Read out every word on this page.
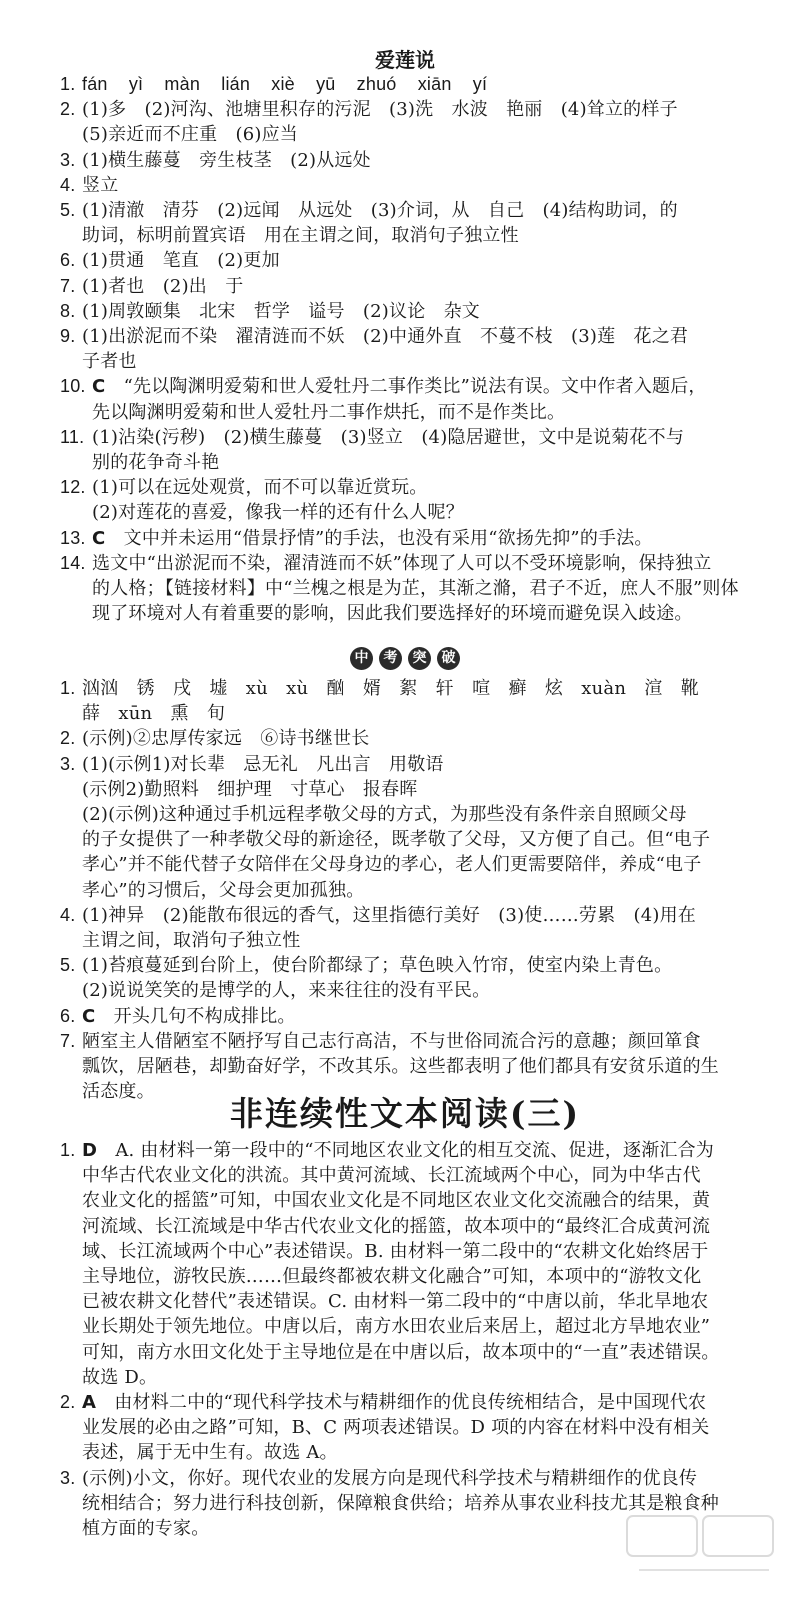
爱莲说
1. fán yì màn lián xiè yū zhuó xiān yí
2. (1)多　(2)河沟、池塘里积存的污泥　(3)洗　水波　艳丽　(4)耸立的样子
(5)亲近而不庄重　(6)应当
3. (1)横生藤蔓　旁生枝茎　(2)从远处
4. 竖立
5. (1)清澈　清芬　(2)远闻　从远处　(3)介词，从　自己　(4)结构助词，的
助词，标明前置宾语　用在主谓之间，取消句子独立性
6. (1)贯通　笔直　(2)更加
7. (1)者也　(2)出　于
8. (1)周敦颐集　北宋　哲学　谥号　(2)议论　杂文
9. (1)出淤泥而不染　濯清涟而不妖　(2)中通外直　不蔓不枝　(3)莲　花之君
子者也
10. C  “先以陶渊明爱菊和世人爱牡丹二事作类比”说法有误。文中作者入题后，
先以陶渊明爱菊和世人爱牡丹二事作烘托，而不是作类比。
11. (1)沾染(污秽)　(2)横生藤蔓　(3)竖立　(4)隐居避世，文中是说菊花不与
别的花争奇斗艳
12. (1)可以在远处观赏，而不可以靠近赏玩。
(2)对莲花的喜爱，像我一样的还有什么人呢？
13. C  文中并未运用“借景抒情”的手法，也没有采用“欲扬先抑”的手法。
14. 选文中“出淤泥而不染，濯清涟而不妖”体现了人可以不受环境影响，保持独立
的人格；【链接材料】中“兰槐之根是为芷，其渐之滫，君子不近，庶人不服”则体
现了环境对人有着重要的影响，因此我们要选择好的环境而避免误入歧途。
中	考	突	破
1. 汹汹　锈　戌　墟　xù　xù　酗　婿　絮　轩　喧　癣　炫　xuàn　渲　靴
薛　xūn　熏　旬
2. (示例)②忠厚传家远　⑥诗书继世长
3. (1)(示例1)对长辈　忌无礼　凡出言　用敬语
(示例2)勤照料　细护理　寸草心　报春晖
(2)(示例)这种通过手机远程孝敬父母的方式，为那些没有条件亲自照顾父母
的子女提供了一种孝敬父母的新途径，既孝敬了父母，又方便了自己。但“电子
孝心”并不能代替子女陪伴在父母身边的孝心，老人们更需要陪伴，养成“电子
孝心”的习惯后，父母会更加孤独。
4. (1)神异　(2)能散布很远的香气，这里指德行美好　(3)使……劳累　(4)用在
主谓之间，取消句子独立性
5. (1)苔痕蔓延到台阶上，使台阶都绿了；草色映入竹帘，使室内染上青色。
(2)说说笑笑的是博学的人，来来往往的没有平民。
6. C  开头几句不构成排比。
7. 陋室主人借陋室不陋抒写自己志行高洁，不与世俗同流合污的意趣；颜回箪食
瓢饮，居陋巷，却勤奋好学，不改其乐。这些都表明了他们都具有安贫乐道的生
活态度。
非连续性文本阅读(三)
1. D  A. 由材料一第一段中的“不同地区农业文化的相互交流、促进，逐渐汇合为
中华古代农业文化的洪流。其中黄河流域、长江流域两个中心，同为中华古代
农业文化的摇篮”可知，中国农业文化是不同地区农业文化交流融合的结果，黄
河流域、长江流域是中华古代农业文化的摇篮，故本项中的“最终汇合成黄河流
域、长江流域两个中心”表述错误。B. 由材料一第二段中的“农耕文化始终居于
主导地位，游牧民族……但最终都被农耕文化融合”可知，本项中的“游牧文化
已被农耕文化替代”表述错误。C. 由材料一第二段中的“中唐以前，华北旱地农
业长期处于领先地位。中唐以后，南方水田农业后来居上，超过北方旱地农业”
可知，南方水田文化处于主导地位是在中唐以后，故本项中的“一直”表述错误。
故选 D。
2. A  由材料二中的“现代科学技术与精耕细作的优良传统相结合，是中国现代农
业发展的必由之路”可知，B、C 两项表述错误。D 项的内容在材料中没有相关
表述，属于无中生有。故选 A。
3. (示例)小文，你好。现代农业的发展方向是现代科学技术与精耕细作的优良传
统相结合；努力进行科技创新，保障粮食供给；培养从事农业科技尤其是粮食种
植方面的专家。
